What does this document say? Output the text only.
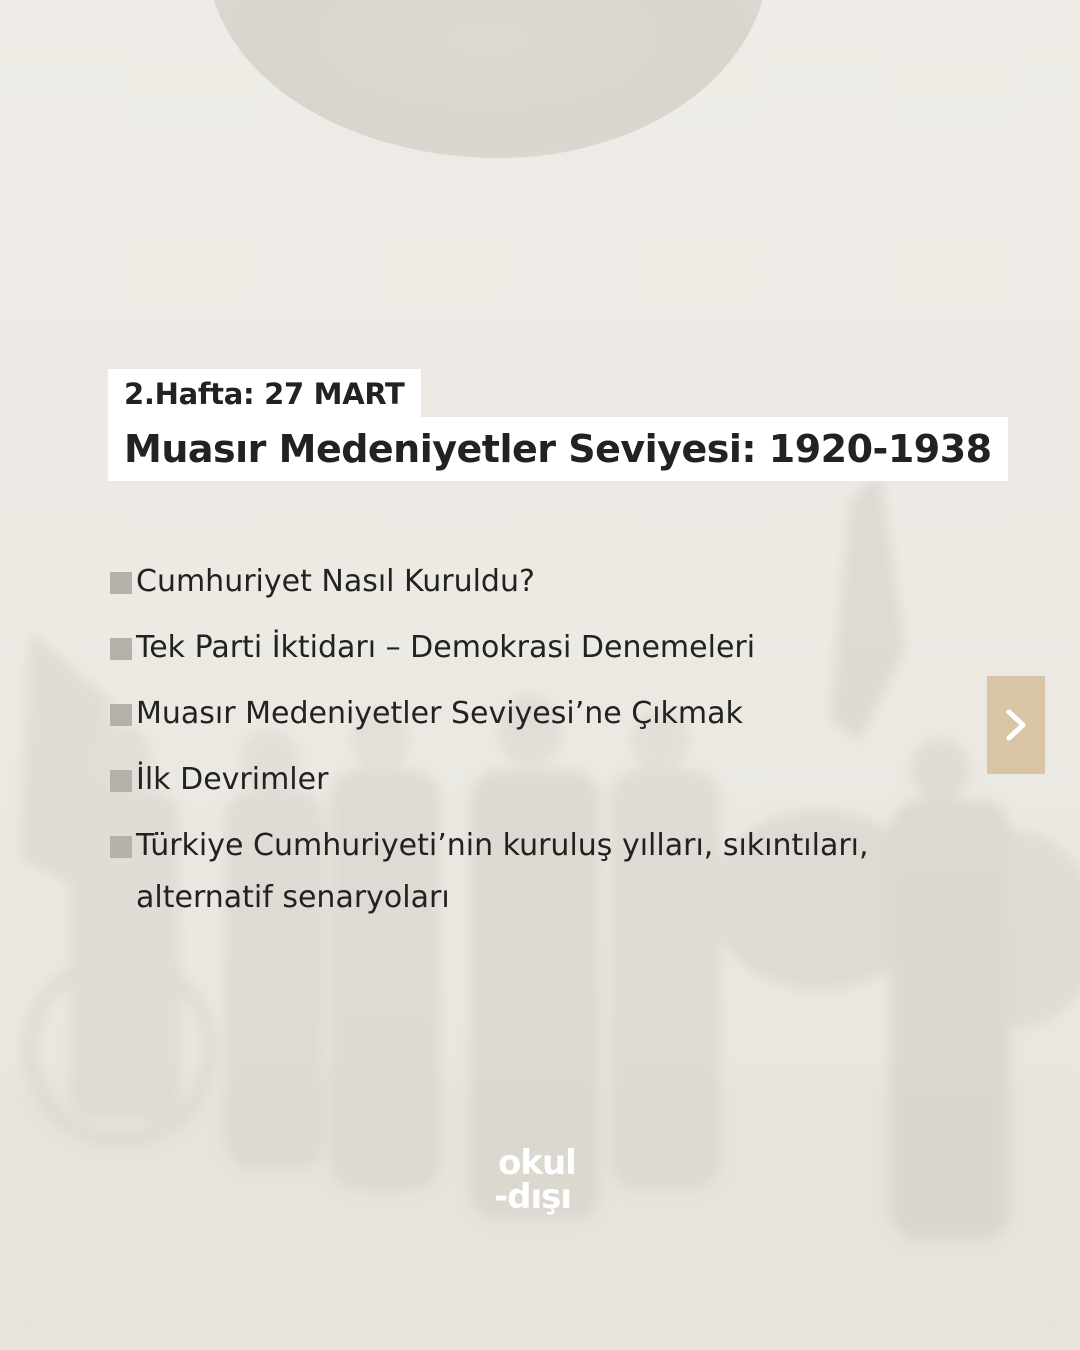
2.Hafta: 27 MART
Muasır Medeniyetler Seviyesi: 1920-1938
Cumhuriyet Nasıl Kuruldu?
Tek Parti İktidarı – Demokrasi Denemeleri
Muasır Medeniyetler Seviyesi’ne Çıkmak
İlk Devrimler
Türkiye Cumhuriyeti’nin kuruluş yılları, sıkıntıları, alternatif senaryoları
okul
-dışı
